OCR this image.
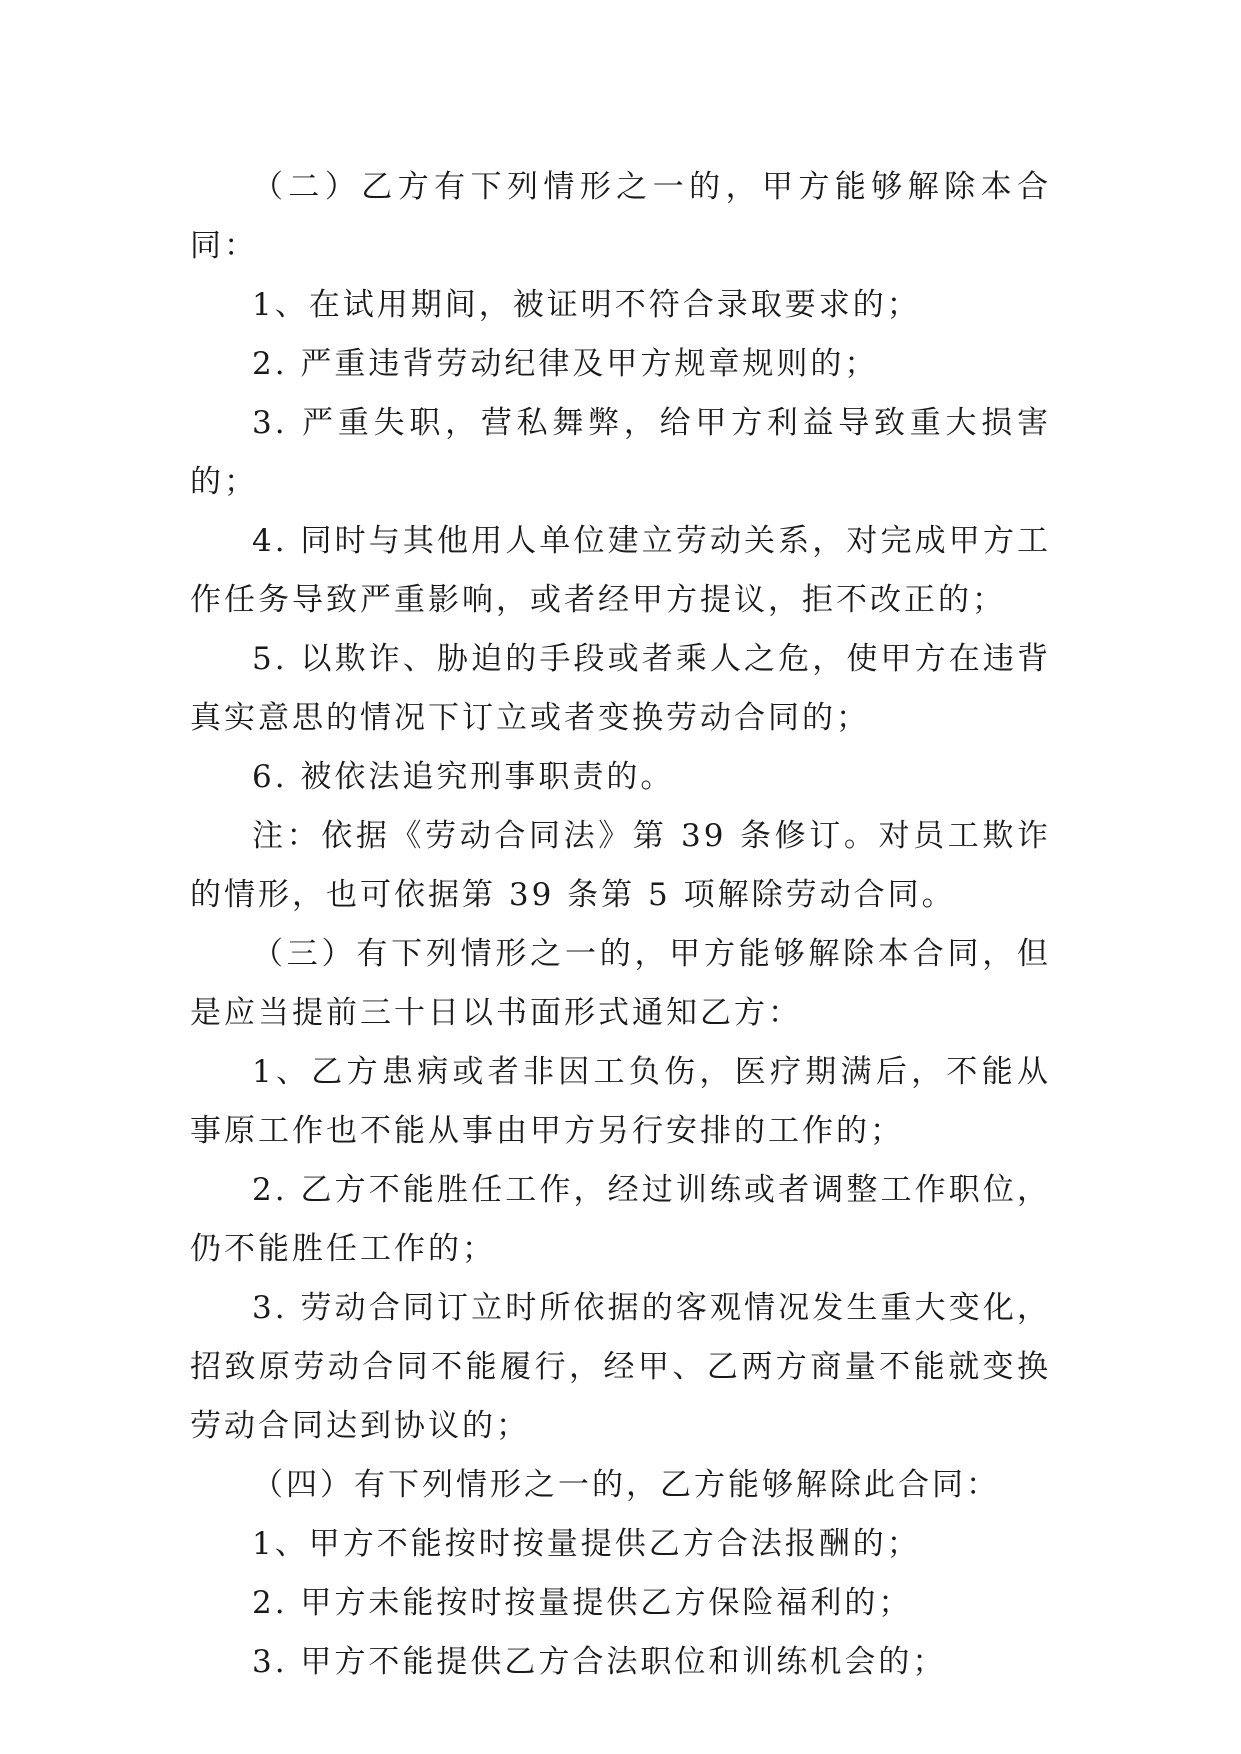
（二）乙方有下列情形之一的，甲方能够解除本合同：

1、在试用期间，被证明不符合录取要求的；

2. 严重违背劳动纪律及甲方规章规则的；

3. 严重失职，营私舞弊，给甲方利益导致重大损害的；

4. 同时与其他用人单位建立劳动关系，对完成甲方工作任务导致严重影响，或者经甲方提议，拒不改正的；

5. 以欺诈、胁迫的手段或者乘人之危，使甲方在违背真实意思的情况下订立或者变换劳动合同的；

6. 被依法追究刑事职责的。

注：依据《劳动合同法》第 39 条修订。对员工欺诈的情形，也可依据第 39 条第 5 项解除劳动合同。

（三）有下列情形之一的，甲方能够解除本合同，但是应当提前三十日以书面形式通知乙方：

1、乙方患病或者非因工负伤，医疗期满后，不能从事原工作也不能从事由甲方另行安排的工作的；

2. 乙方不能胜任工作，经过训练或者调整工作职位，仍不能胜任工作的；

3. 劳动合同订立时所依据的客观情况发生重大变化，招致原劳动合同不能履行，经甲、乙两方商量不能就变换劳动合同达到协议的；

（四）有下列情形之一的，乙方能够解除此合同：

1、甲方不能按时按量提供乙方合法报酬的；

2. 甲方未能按时按量提供乙方保险福利的；

3. 甲方不能提供乙方合法职位和训练机会的；
